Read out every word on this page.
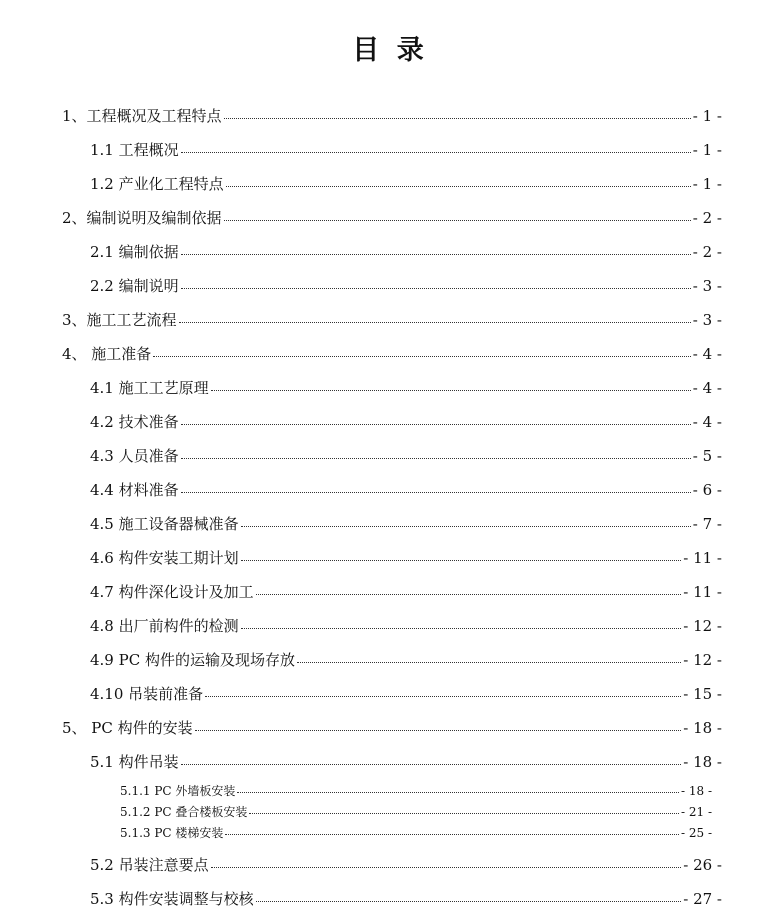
目 录
1、工程概况及工程特点	- 1 -
1.1 工程概况	- 1 -
1.2 产业化工程特点	- 1 -
2、编制说明及编制依据	- 2 -
2.1 编制依据	- 2 -
2.2 编制说明	- 3 -
3、施工工艺流程	- 3 -
4、 施工准备	- 4 -
4.1 施工工艺原理	- 4 -
4.2 技术准备	- 4 -
4.3 人员准备	- 5 -
4.4 材料准备	- 6 -
4.5 施工设备器械准备	- 7 -
4.6 构件安装工期计划	- 11 -
4.7 构件深化设计及加工	- 11 -
4.8 出厂前构件的检测	- 12 -
4.9 PC 构件的运输及现场存放	- 12 -
4.10 吊装前准备	- 15 -
5、 PC 构件的安装	- 18 -
5.1 构件吊装	- 18 -
5.1.1 PC 外墙板安装	- 18 -
5.1.2 PC 叠合楼板安装	- 21 -
5.1.3 PC 楼梯安装	- 25 -
5.2 吊装注意要点	- 26 -
5.3 构件安装调整与校核	- 27 -
